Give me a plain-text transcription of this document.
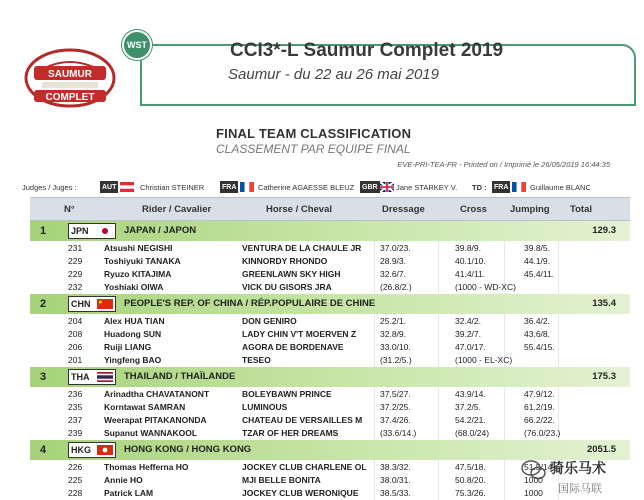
SAUMUR
COMPLET
WST	CCI3*-L Saumur Complet 2019
Saumur - du 22 au 26 mai 2019
FINAL TEAM CLASSIFICATION
CLASSEMENT PAR EQUIPE FINAL
EVE-PRI-TEA-FR - Printed on / Imprimé le 26/05/2019 16:44:35
Judges / Juges :	AUT	Christian STEINER	FRA	Catherine AGAESSE BLEUZ GBR Jane STARKEY V. TD : FRA	Guillaume BLANC
N°	Rider / Cavalier	Horse / Cheval	Dressage	Cross Jumping Total
1	JPN	JAPAN / JAPON	129.3
231	Atsushi NEGISHI	VENTURA DE LA CHAULE JR 37.0/23.	39.8/9.	39.8/5.
229	Toshiyuki TANAKA	KINNORDY RHONDO	28.9/3.	40.1/10.	44.1/9.
229	Ryuzo KITAJIMA	GREENLAWN SKY HIGH	32.6/7.	41.4/11.	45.4/11.
232	Yoshiaki OIWA	VICK DU GISORS JRA	(26.8/2.)	(1000 - WD-XC)
2	CHN	PEOPLE'S REP. OF CHINA / RÉP.POPULAIRE DE CHINE	135.4
204	Alex HUA TIAN	DON GENIRO	25.2/1.	32.4/2.	36.4/2.
208	Huadong SUN	LADY CHIN V'T MOERVEN Z	32.8/9.	39.2/7.	43.6/8.
206	Ruiji LIANG	AGORA DE BORDENAVE	33.0/10.	47.0/17.	55.4/15.
201	Yingfeng BAO	TESEO	(31.2/5.)	(1000 - EL-XC)
3	THA	THAILAND / THAÏLANDE	175.3
236	Arinadtha CHAVATANONT	BOLEYBAWN PRINCE	37.5/27.	43.9/14.	47.9/12.
235	Korntawat SAMRAN	LUMINOUS	37.2/25.	37.2/5.	61.2/19.
237	Weerapat PITAKANONDA	CHATEAU DE VERSAILLES M 37.4/26.	54.2/21.	66.2/22.
239	Supanut WANNAKOOL	TZAR OF HER DREAMS	(33.6/14.)	(68.0/24)	(76.0/23.)
4	HKG	HONG KONG / HONG KONG	2051.5
226	Thomas Hefferna HO	JOCKEY CLUB CHARLENE OL 38.3/32.	47.5/18.	51.5/14.
225	Annie HO	MJI BELLE BONITA	38.0/31.	50.8/20.	1000
228	Patrick LAM	JOCKEY CLUB WERONIQUE	38.5/33.	75.3/26.	1000
骑乐马术
国际马联
